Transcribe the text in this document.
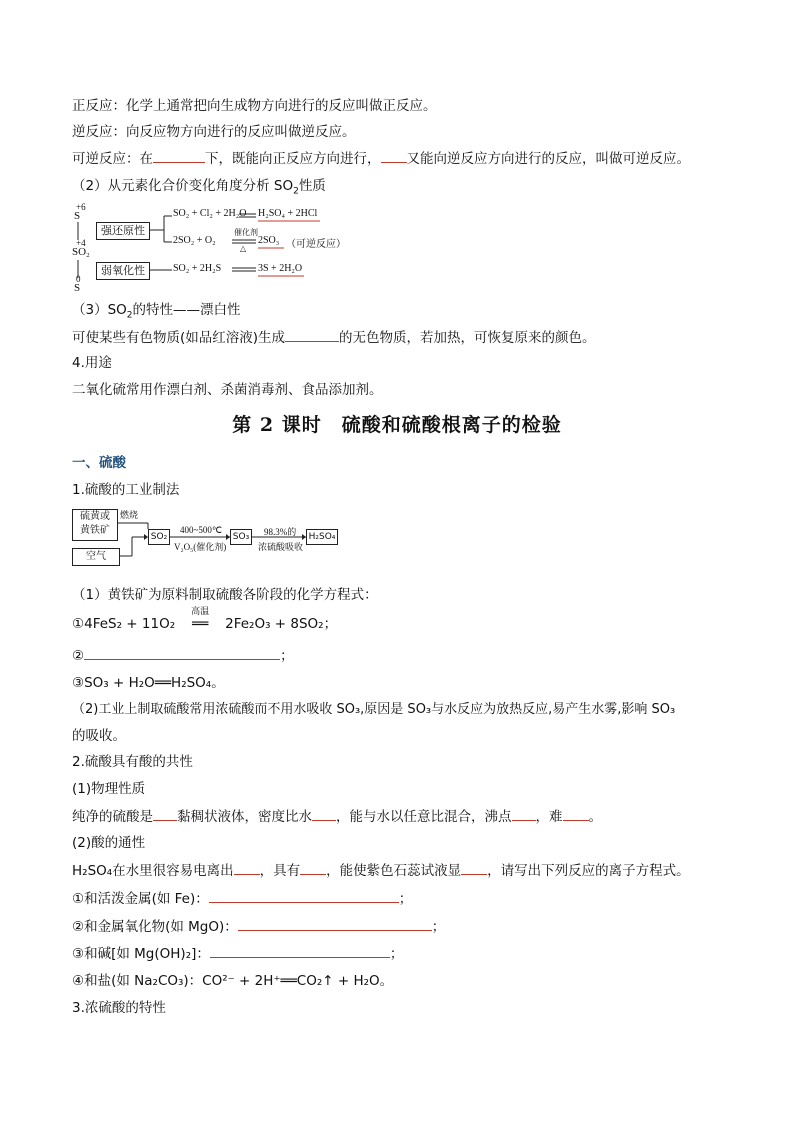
正反应：化学上通常把向生成物方向进行的反应叫做正反应。
逆反应：向反应物方向进行的反应叫做逆反应。
可逆反应：在	下，既能向正反应方向进行， 又能向逆反应方向进行的反应，叫做可逆反应。
（2）从元素化合价变化角度分析 $SO_2$性质
+6
S
+4
SO₂
0
S
强还原性
弱氧化性
SO₂ + Cl₂ + 2H₂O H₂SO₄ + 2HCl
2SO₂ + O₂
催化剂
△
2SO₃ （可逆反应）
SO₂ + 2H₂S	3S + 2H₂O
$(3)SO_2$的特性——漂白性
可使某些有色物质(如品红溶液)生成	的无色物质，若加热，可恢复原来的颜色。
4.用途
二氧化硫常用作漂白剂、杀菌消毒剂、食品添加剂。
第 2 课时　硫酸和硫酸根离子的检验
一、硫酸
1.硫酸的工业制法
硫黄或
黄铁矿
空气
燃烧
SO₂
400~500℃
V₂O₅(催化剂)
SO₃	98.3%的
浓硫酸吸收
H₂SO₄
（1）黄铁矿为原料制取硫酸各阶段的化学方程式：
①4FeS₂ + 11O₂
高温
══ 2Fe₂O₃ + 8SO₂；
②	；
③SO₃ + H₂O══H₂SO₄。
（2)工业上制取硫酸常用浓硫酸而不用水吸收 SO₃,原因是 SO₃与水反应为放热反应,易产生水雾,影响 SO₃
的吸收。
2.硫酸具有酸的共性
(1)物理性质
纯净的硫酸是 黏稠状液体，密度比水 ，能与水以任意比混合，沸点 ，难 。
(2)酸的通性
H₂SO₄在水里很容易电离出 ，具有 ，能使紫色石蕊试液显 ，请写出下列反应的离子方程式。
①和活泼金属(如 Fe)：	；
②和金属氧化物(如 MgO)：	；
③和碱[如 Mg(OH)₂]：	；
④和盐(如 Na₂CO₃)：CO²⁻ + 2H⁺══CO₂↑ + H₂O。
3.浓硫酸的特性
